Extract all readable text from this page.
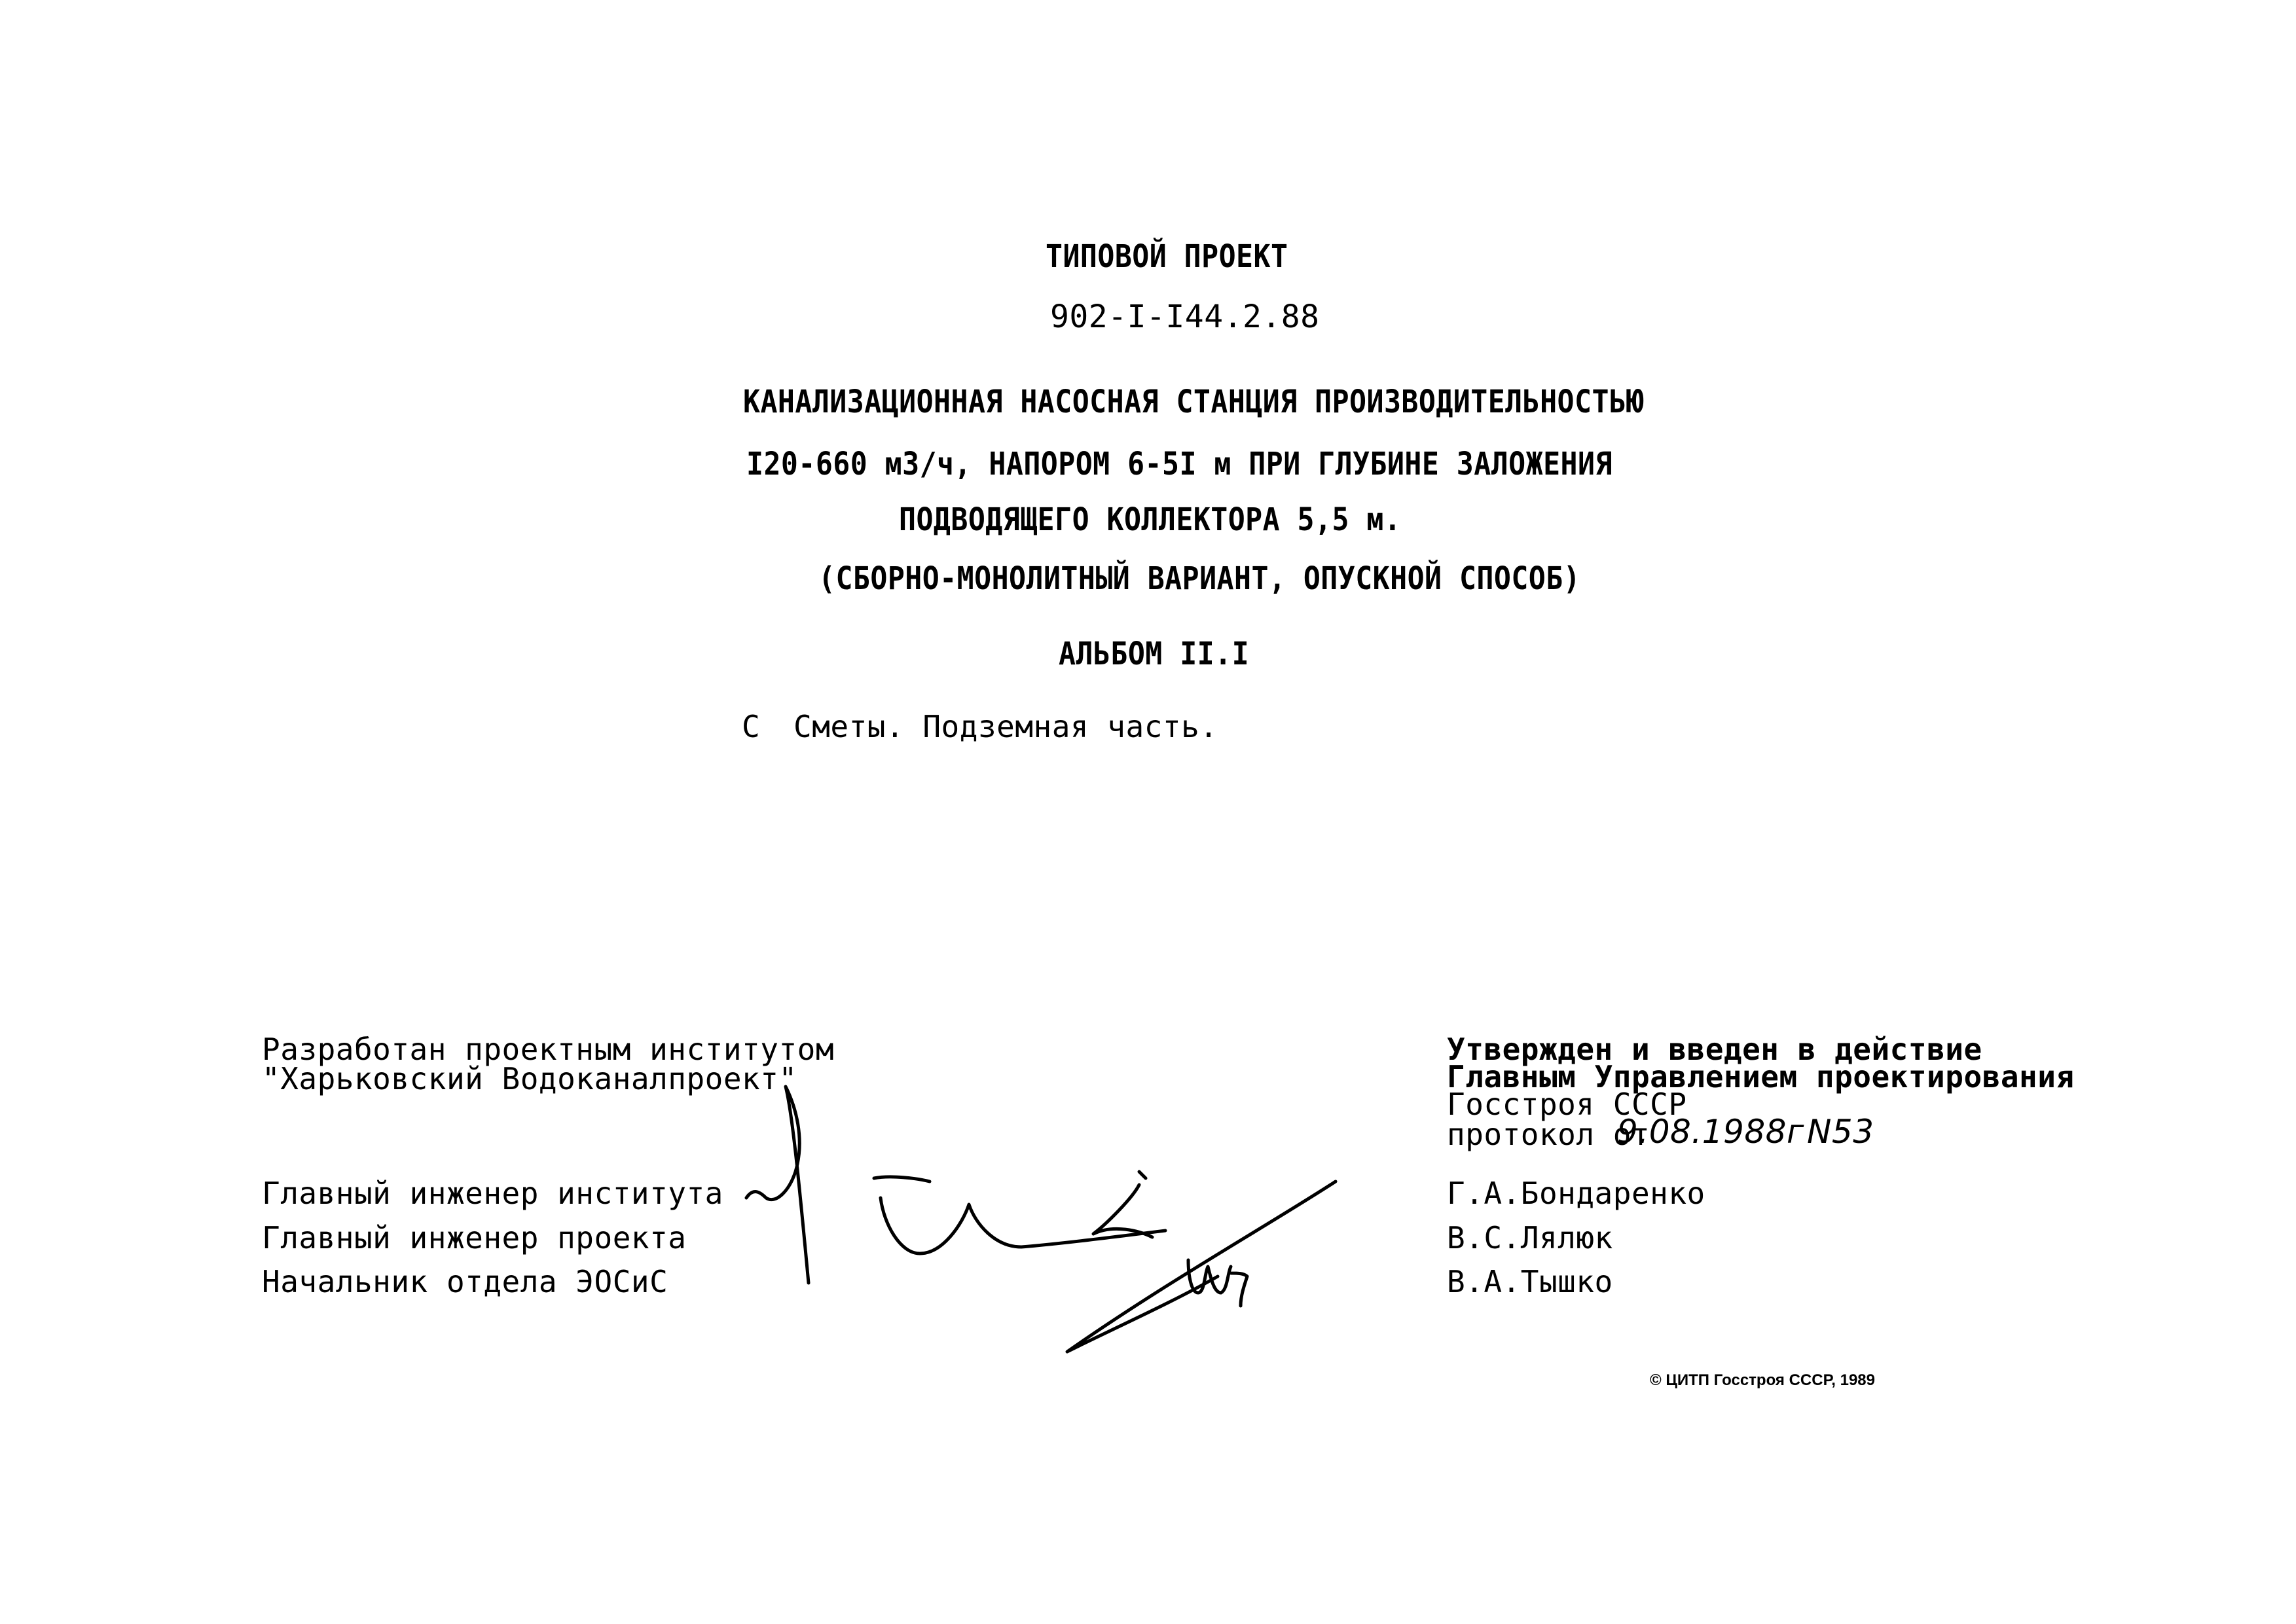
ТИПОВОЙ ПРОЕКТ
902-I-I44.2.88
КАНАЛИЗАЦИОННАЯ НАСОСНАЯ СТАНЦИЯ ПРОИЗВОДИТЕЛЬНОСТЬЮ
I20-660 м3/ч, НАПОРОМ 6-5I м ПРИ ГЛУБИНЕ ЗАЛОЖЕНИЯ
ПОДВОДЯЩЕГО КОЛЛЕКТОРА 5,5 м.
(СБОРНО-МОНОЛИТНЫЙ ВАРИАНТ, ОПУСКНОЙ СПОСОБ)
АЛЬБОМ II.I
С Сметы. Подземная часть.
Разработан проектным институтом
"Харьковский Водоканалпроект"
Главный инженер института
Главный инженер проекта
Начальник отдела ЭОСиС
Утвержден и введен в действие
Главным Управлением проектирования
Госстроя СССР
протокол от
9.08.1988г N53
Г.А.Бондаренко
В.С.Лялюк
В.А.Тышко
© ЦИТП Госстроя СССР, 1989
